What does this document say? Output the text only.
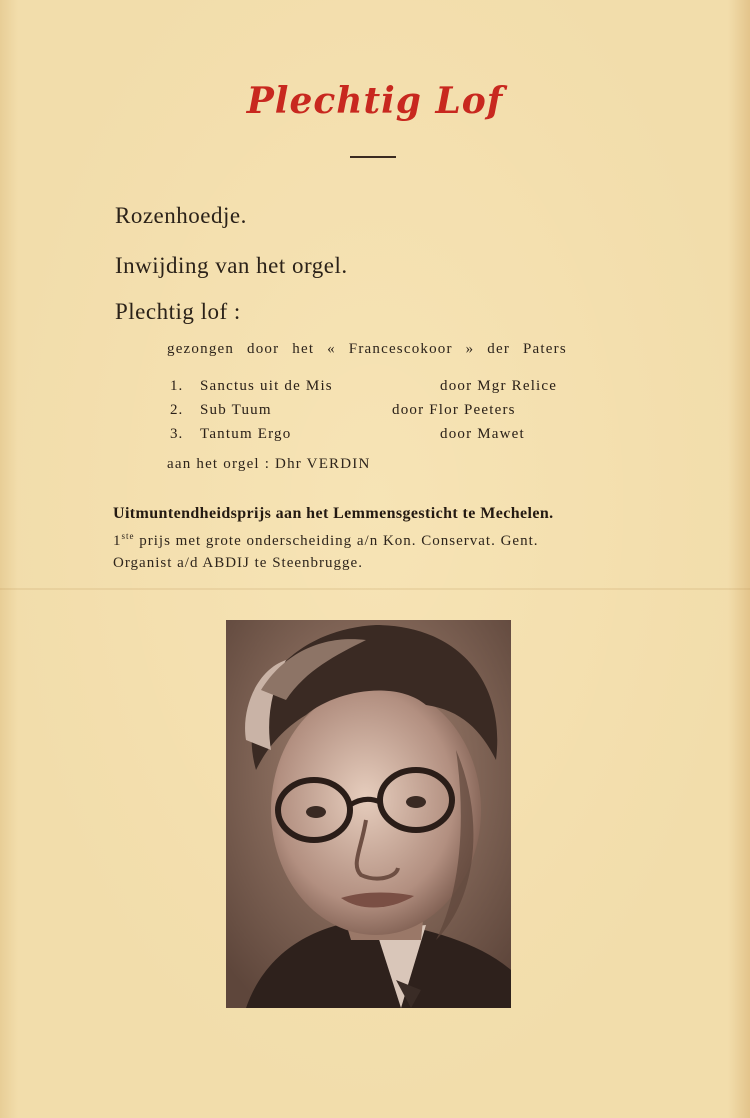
Plechtig Lof
Rozenhoedje.
Inwijding van het orgel.
Plechtig lof :
gezongen door het « Francescokoor » der Paters
1. Sanctus uit de Mis	door Mgr Relice
2. Sub Tuum	door Flor Peeters
3. Tantum Ergo	door Mawet
aan het orgel : Dhr VERDIN
Uitmuntendheidsprijs aan het Lemmensgesticht te Mechelen.
1ste prijs met grote onderscheiding a/n Kon. Conservat. Gent.
Organist a/d ABDIJ te Steenbrugge.
